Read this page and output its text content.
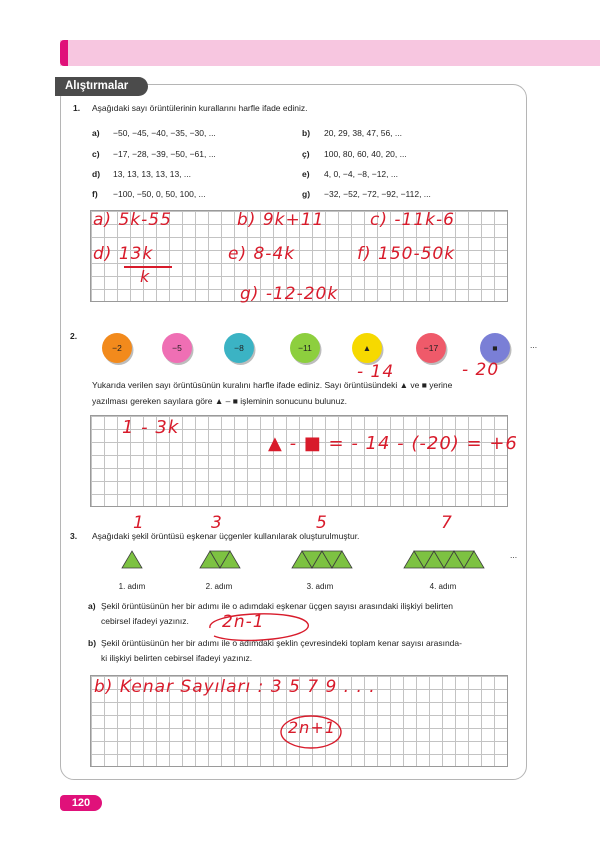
Alıştırmalar
1. Aşağıdaki sayı örüntülerinin kurallarını harfle ifade ediniz.
a) −50, −45, −40, −35, −30, ...	b) 20, 29, 38, 47, 56, ...
c) −17, −28, −39, −50, −61, ...	ç) 100, 80, 60, 40, 20, ...
d) 13, 13, 13, 13, 13, ...	e) 4, 0, −4, −8, −12, ...
f) −100, −50, 0, 50, 100, ...	g) −32, −52, −72, −92, −112, ...
a) 5k-55	b) 9k+11	c) -11k-6
d) 13k
k
e) 8-4k	f) 150-50k
g) -12-20k
2.
−2	−5	−8	−11	▲	−17	■	...
- 14	- 20
Yukarıda verilen sayı örüntüsünün kuralını harfle ifade ediniz. Sayı örüntüsündeki ▲ ve ■ yerine
yazılması gereken sayılara göre ▲ – ■ işleminin sonucunu bulunuz.
1 - 3k
▲ - ■ = - 14 - (-20) = +6
3. Aşağıdaki şekil örüntüsü eşkenar üçgenler kullanılarak oluşturulmuştur.
1	3	5	7
...
1. adım	2. adım	3. adım	4. adım
a) Şekil örüntüsünün her bir adımı ile o adımdaki eşkenar üçgen sayısı arasındaki ilişkiyi belirten
cebirsel ifadeyi yazınız. 2n-1
b) Şekil örüntüsünün her bir adımı ile o adımdaki şeklin çevresindeki toplam kenar sayısı arasında-
ki ilişkiyi belirten cebirsel ifadeyi yazınız.
b) Kenar Sayıları : 3 5 7 9 . . .
2n+1
120
